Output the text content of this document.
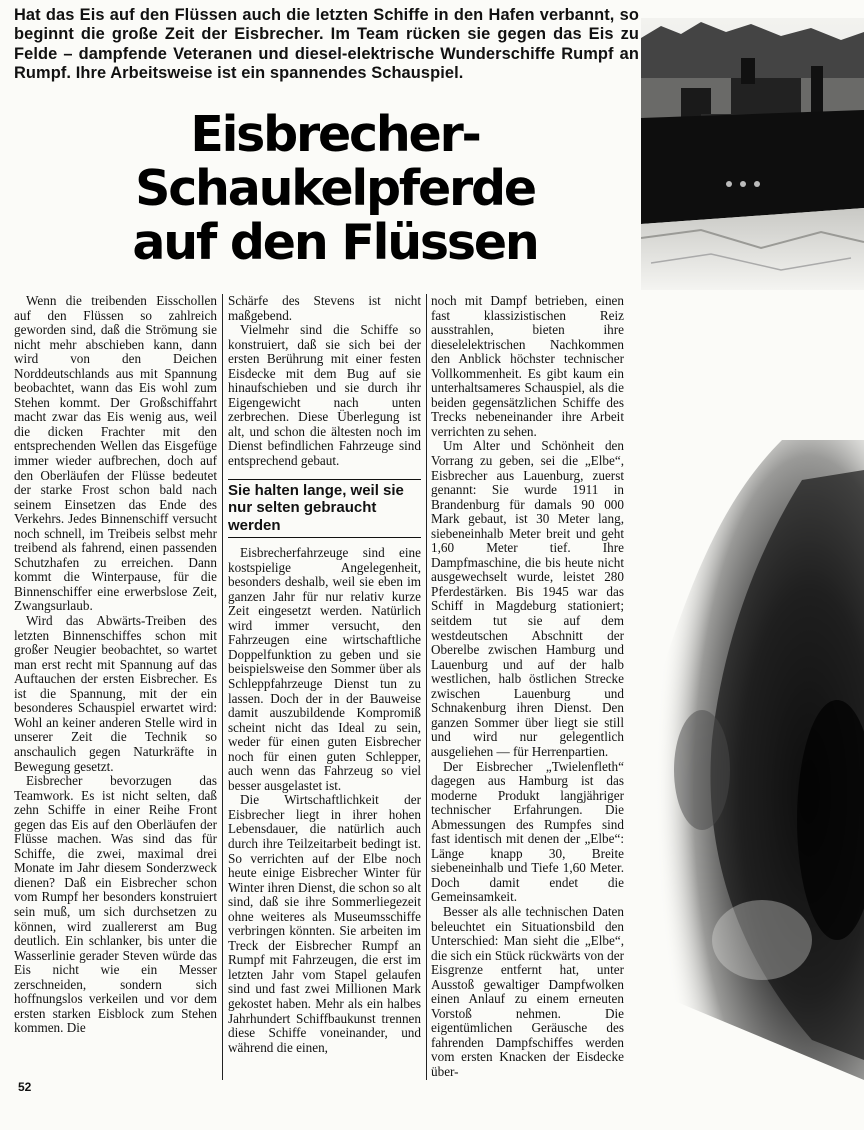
Hat das Eis auf den Flüssen auch die letzten Schiffe in den Hafen verbannt, so beginnt die große Zeit der Eisbrecher. Im Team rücken sie gegen das Eis zu Felde – dampfende Veteranen und diesel-elektrische Wunderschiffe Rumpf an Rumpf. Ihre Arbeitsweise ist ein spannendes Schauspiel.
Eisbrecher-
Schaukelpferde
auf den Flüssen

Wenn die treibenden Eisschollen auf den Flüssen so zahlreich geworden sind, daß die Strömung sie nicht mehr abschieben kann, dann wird von den Deichen Norddeutschlands aus mit Spannung beobachtet, wann das Eis wohl zum Stehen kommt. Der Großschiffahrt macht zwar das Eis wenig aus, weil die dicken Frachter mit den entsprechenden Wellen das Eisgefüge immer wieder aufbrechen, doch auf den Oberläufen der Flüsse bedeutet der starke Frost schon bald nach seinem Einsetzen das Ende des Verkehrs. Jedes Binnenschiff versucht noch schnell, im Treibeis selbst mehr treibend als fahrend, einen passenden Schutzhafen zu erreichen. Dann kommt die Winterpause, für die Binnenschiffer eine erwerbslose Zeit, Zwangsurlaub.

Wird das Abwärts-Treiben des letzten Binnenschiffes schon mit großer Neugier beobachtet, so wartet man erst recht mit Spannung auf das Auftauchen der ersten Eisbrecher. Es ist die Spannung, mit der ein besonderes Schauspiel erwartet wird: Wohl an keiner anderen Stelle wird in unserer Zeit die Technik so anschaulich gegen Naturkräfte in Bewegung gesetzt.

Eisbrecher bevorzugen das Teamwork. Es ist nicht selten, daß zehn Schiffe in einer Reihe Front gegen das Eis auf den Oberläufen der Flüsse machen. Was sind das für Schiffe, die zwei, maximal drei Monate im Jahr diesem Sonderzweck dienen? Daß ein Eisbrecher schon vom Rumpf her besonders konstruiert sein muß, um sich durchsetzen zu können, wird zuallererst am Bug deutlich. Ein schlanker, bis unter die Wasserlinie gerader Steven würde das Eis nicht wie ein Messer zerschneiden, sondern sich hoffnungslos verkeilen und vor dem ersten starken Eisblock zum Stehen kommen. Die

Schärfe des Stevens ist nicht maßgebend.

Vielmehr sind die Schiffe so konstruiert, daß sie sich bei der ersten Berührung mit einer festen Eisdecke mit dem Bug auf sie hinaufschieben und sie durch ihr Eigengewicht nach unten zerbrechen. Diese Überlegung ist alt, und schon die ältesten noch im Dienst befindlichen Fahrzeuge sind entsprechend gebaut.

Sie halten lange, weil sie nur selten gebraucht werden

Eisbrecherfahrzeuge sind eine kostspielige Angelegenheit, besonders deshalb, weil sie eben im ganzen Jahr für nur relativ kurze Zeit eingesetzt werden. Natürlich wird immer versucht, den Fahrzeugen eine wirtschaftliche Doppelfunktion zu geben und sie beispielsweise den Sommer über als Schleppfahrzeuge Dienst tun zu lassen. Doch der in der Bauweise damit auszubildende Kompromiß scheint nicht das Ideal zu sein, weder für einen guten Eisbrecher noch für einen guten Schlepper, auch wenn das Fahrzeug so viel besser ausgelastet ist.

Die Wirtschaftlichkeit der Eisbrecher liegt in ihrer hohen Lebensdauer, die natürlich auch durch ihre Teilzeitarbeit bedingt ist. So verrichten auf der Elbe noch heute einige Eisbrecher Winter für Winter ihren Dienst, die schon so alt sind, daß sie ihre Sommerliegezeit ohne weiteres als Museumsschiffe verbringen könnten. Sie arbeiten im Treck der Eisbrecher Rumpf an Rumpf mit Fahrzeugen, die erst im letzten Jahr vom Stapel gelaufen sind und fast zwei Millionen Mark gekostet haben. Mehr als ein halbes Jahrhundert Schiffbaukunst trennen diese Schiffe voneinander, und während die einen,

noch mit Dampf betrieben, einen fast klassizistischen Reiz ausstrahlen, bieten ihre dieselelektrischen Nachkommen den Anblick höchster technischer Vollkommenheit. Es gibt kaum ein unterhaltsameres Schauspiel, als die beiden gegensätzlichen Schiffe des Trecks nebeneinander ihre Arbeit verrichten zu sehen.

Um Alter und Schönheit den Vorrang zu geben, sei die „Elbe“, Eisbrecher aus Lauenburg, zuerst genannt: Sie wurde 1911 in Brandenburg für damals 90 000 Mark gebaut, ist 30 Meter lang, siebeneinhalb Meter breit und geht 1,60 Meter tief. Ihre Dampfmaschine, die bis heute nicht ausgewechselt wurde, leistet 280 Pferdestärken. Bis 1945 war das Schiff in Magdeburg stationiert; seitdem tut sie auf dem westdeutschen Abschnitt der Oberelbe zwischen Hamburg und Lauenburg und auf der halb westlichen, halb östlichen Strecke zwischen Lauenburg und Schnakenburg ihren Dienst. Den ganzen Sommer über liegt sie still und wird nur gelegentlich ausgeliehen — für Herrenpartien.

Der Eisbrecher „Twielenfleth“ dagegen aus Hamburg ist das moderne Produkt langjähriger technischer Erfahrungen. Die Abmessungen des Rumpfes sind fast identisch mit denen der „Elbe“: Länge knapp 30, Breite siebeneinhalb und Tiefe 1,60 Meter. Doch damit endet die Gemeinsamkeit.

Besser als alle technischen Daten beleuchtet ein Situationsbild den Unterschied: Man sieht die „Elbe“, die sich ein Stück rückwärts von der Eisgrenze entfernt hat, unter Ausstoß gewaltiger Dampfwolken einen Anlauf zu einem erneuten Vorstoß nehmen. Die eigentümlichen Geräusche des fahrenden Dampfschiffes werden vom ersten Knacken der Eisdecke über-

52
